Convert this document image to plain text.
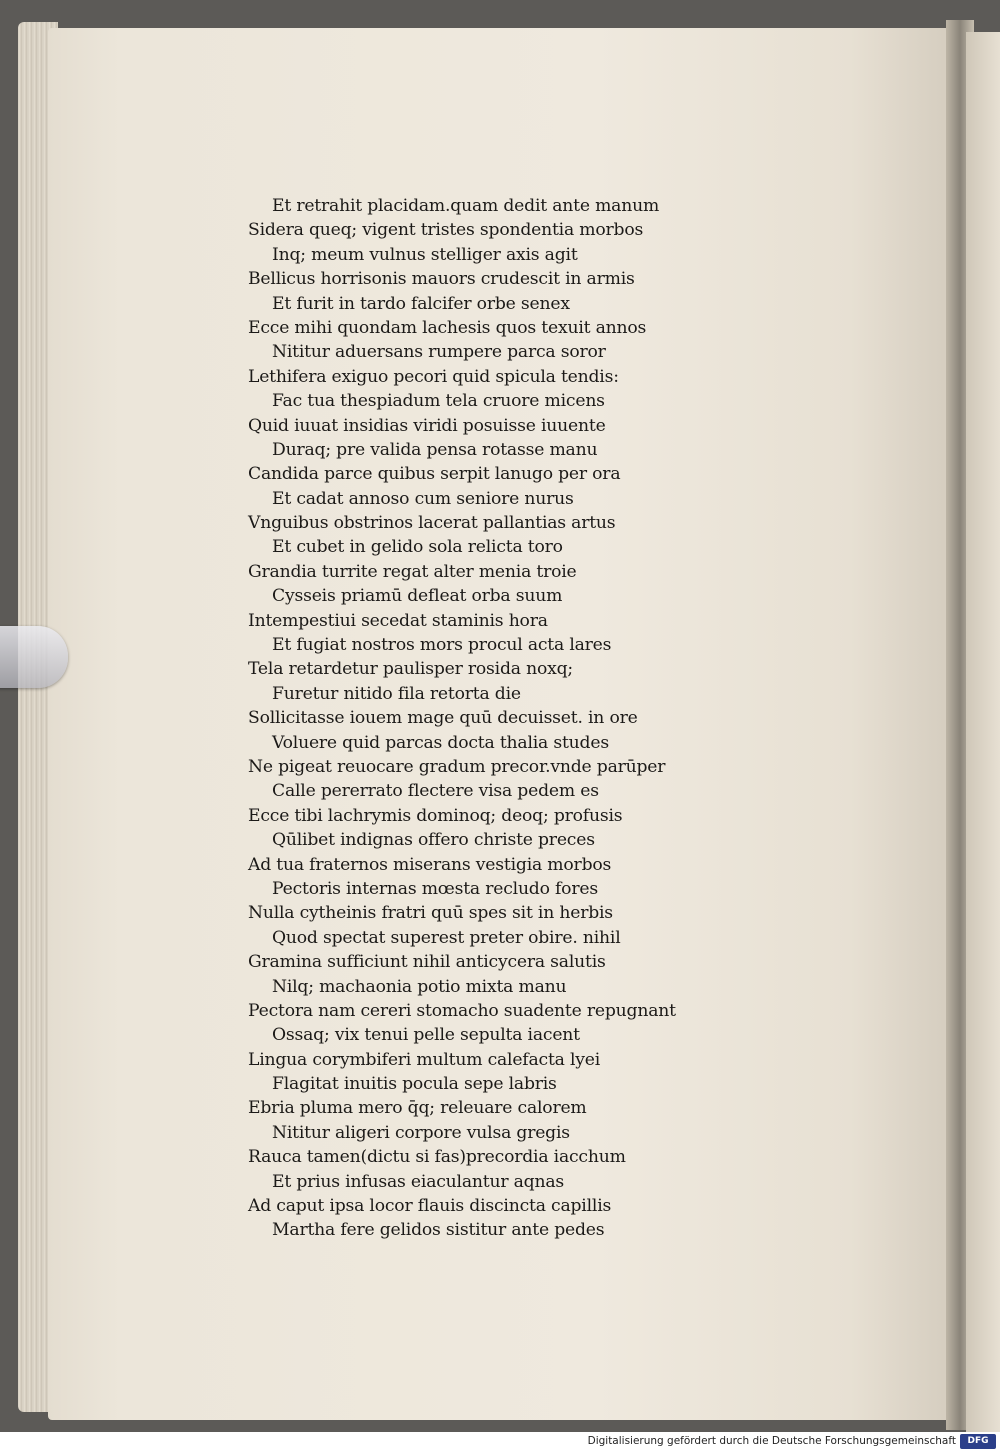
Et retrahit placidam.quam dedit ante manum
Sidera queq; vigent tristes spondentia morbos
Inq; meum vulnus stelliger axis agit
Bellicus horrisonis mauors crudescit in armis
Et furit in tardo falcifer orbe senex
Ecce mihi quondam lachesis quos texuit annos
Nititur aduersans rumpere parca soror
Lethifera exiguo pecori quid spicula tendis:
Fac tua thespiadum tela cruore micens
Quid iuuat insidias viridi posuisse iuuente
Duraq; pre valida pensa rotasse manu
Candida parce quibus serpit lanugo per ora
Et cadat annoso cum seniore nurus
Vnguibus obstrinos lacerat pallantias artus
Et cubet in gelido sola relicta toro
Grandia turrite regat alter menia troie
Cyssеis priamū defleat orba suum
Intempestiui secedat staminis hora
Et fugiat nostros mors procul acta lares
Tela retardetur paulisper rosida noxq;
Furetur nitido fila retorta die
Sollicitasse iouem mage quū decuisset. in ore
Voluere quid parcas docta thalia studes
Ne pigeat reuocare gradum precor.vnde parūper
Calle pererrato flectere visa pedem es
Ecce tibi lachrymis dominoq; deoq; profusis
Qūlibet indignas offero christe preces
Ad tua fraternos miserans vestigia morbos
Pectoris internas mœsta recludo fores
Nulla cytheinis fratri quū spes sit in herbis
Quod spectat superest preter obire. nihil
Gramina sufficiunt nihil anticycera salutis
Nilq; machaonia potio mixta manu
Pectora nam cereri stomacho suadente repugnant
Ossaq; vix tenui pelle sepulta iacent
Lingua corymbiferi multum calefacta lyei
Flagitat inuitis pocula sepe labris
Ebria pluma mero q̄q; releuare calorem
Nititur aligeri corpore vulsa gregis
Rauca tamen(dictu si fas)precordia iacchum
Et prius infusas eiaculantur aqnas
Ad caput ipsa locor flauis discincta capillis
Martha fere gelidos sistitur ante pedes
Digitalisierung gefördert durch die Deutsche Forschungsgemeinschaft	DFG
